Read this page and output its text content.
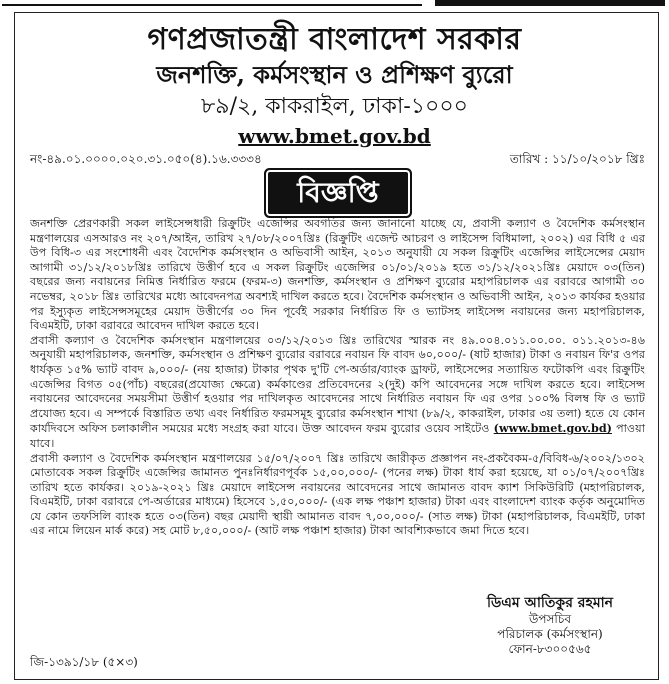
গণপ্রজাতন্ত্রী বাংলাদেশ সরকার
জনশক্তি, কর্মসংস্থান ও প্রশিক্ষণ ব্যুরো
৮৯/২, কাকরাইল, ঢাকা-১০০০
www.bmet.gov.bd
নং-৪৯.০১.০০০০.০২০.৩১.০৫০(৪).১৬.৩৩৩৪	তারিখ : ১১/১০/২০১৮ খ্রিঃ
বিজ্ঞপ্তি

জনশক্তি প্রেরণকারী সকল লাইসেন্সধারী রিক্রুটিং এজেন্সির অবগতির জন্য জানানো যাচ্ছে যে, প্রবাসী কল্যাণ ও বৈদেশিক কর্মসংস্থান মন্ত্রণালয়ের এসআরও নং ২০৭/আইন, তারিখ ২৭/০৮/২০০৭খ্রিঃ (রিক্রুটিং এজেন্ট আচরণ ও লাইসেন্স বিধিমালা, ২০০২) এর বিধি ৫ এর উপ বিধি-৩ এর সংশোধনী এবং বৈদেশিক কর্মসংস্থান ও অভিবাসী আইন, ২০১৩ অনুযায়ী যে সকল রিক্রুটিং এজেন্সির লাইসেন্সের মেয়াদ আগামী ৩১/১২/২০১৮খ্রিঃ তারিখে উত্তীর্ণ হবে এ সকল রিক্রুটিং এজেন্সির ০১/০১/২০১৯ হতে ৩১/১২/২০২১খ্রিঃ মেয়াদে ০৩(তিন) বছরের জন্য নবায়নের নিমিত্ত নির্ধারিত ফরমে (ফরম-৩) জনশক্তি, কর্মসংস্থান ও প্রশিক্ষণ ব্যুরোর মহাপরিচালক এর বরাবরে আগামী ৩০ নভেম্বর, ২০১৮ খ্রিঃ তারিখের মধ্যে আবেদনপত্র অবশ্যই দাখিল করতে হবে। বৈদেশিক কর্মসংস্থান ও অভিবাসী আইন, ২০১৩ কার্যকর হওয়ার পর ইস্যুকৃত লাইসেন্সসমূহের মেয়াদ উত্তীর্ণের ৩০ দিন পূর্বেই সরকার নির্ধারিত ফি ও ভ্যাটসহ লাইসেন্স নবায়নের জন্য মহাপরিচালক, বিএমইটি, ঢাকা বরাবরে আবেদন দাখিল করতে হবে।

প্রবাসী কল্যাণ ও বৈদেশিক কর্মসংস্থান মন্ত্রণালয়ের ০৩/১২/২০১৩ খ্রিঃ তারিখের স্মারক নং ৪৯.০০৪.০১১.০০.০০. ০১১.২০১৩-৪৬ অনুযায়ী মহাপরিচালক, জনশক্তি, কর্মসংস্থান ও প্রশিক্ষণ ব্যুরোর বরাবরে নবায়ন ফি বাবদ ৬০,০০০/- (ষাট হাজার) টাকা ও নবায়ন ফি'র ওপর ধার্যকৃত ১৫% ভ্যাট বাবদ ৯,০০০/- (নয় হাজার) টাকার পৃথক দু'টি পে-অর্ডার/ব্যাংক ড্রাফট, লাইসেন্সের সত্যায়িত ফটোকপি এবং রিক্রুটিং এজেন্সির বিগত ০৫(পাঁচ) বছরের(প্রযোজ্য ক্ষেত্রে) কর্মকাণ্ডের প্রতিবেদনের ২(দুই) কপি আবেদনের সঙ্গে দাখিল করতে হবে। লাইসেন্স নবায়নের আবেদনের সময়সীমা উত্তীর্ণ হওয়ার পর দাখিলকৃত আবেদনের সাথে নির্ধারিত নবায়ন ফি এর ওপর ১০০% বিলম্ব ফি ও ভ্যাট প্রযোজ্য হবে। এ সম্পর্কে বিস্তারিত তথ্য এবং নির্ধারিত ফরমসমূহ ব্যুরোর কর্মসংস্থান শাখা (৮৯/২, কাকরাইল, ঢাকার ৩য় তলা) হতে যে কোন কার্যদিবসে অফিস চলাকালীন সময়ের মধ্যে সংগ্রহ করা যাবে। উক্ত আবেদন ফরম ব্যুরোর ওয়েব সাইটেও (www.bmet.gov.bd) পাওয়া যাবে।

প্রবাসী কল্যাণ ও বৈদেশিক কর্মসংস্থান মন্ত্রণালয়ের ১৫/০৭/২০০৭ খ্রিঃ তারিখে জারীকৃত প্রজ্ঞাপন নং-প্রকবৈকম-৫/বিবিধ-৬/২০০২/১৩০২ মোতাবেক সকল রিক্রুটিং এজেন্সির জামানত পুনঃনির্ধারণপূর্বক ১৫,০০,০০০/- (পনের লক্ষ) টাকা ধার্য করা হয়েছে, যা ০১/০৭/২০০৭খ্রিঃ তারিখ হতে কার্যকর। ২০১৯-২০২১ খ্রিঃ মেয়াদে লাইসেন্স নবায়নের আবেদনের সাথে জামানত বাবদ ক্যাশ সিকিউরিটি (মহাপরিচালক, বিএমইটি, ঢাকা বরাবরে পে-অর্ডারের মাধ্যমে) হিসেবে ১,৫০,০০০/- (এক লক্ষ পঞ্চাশ হাজার) টাকা এবং বাংলাদেশ ব্যাংক কর্তৃক অনুমোদিত যে কোন তফসিলি ব্যাংক হতে ০৩(তিন) বছর মেয়াদী স্থায়ী আমানত বাবদ ৭,০০,০০০/- (সাত লক্ষ) টাকা (মহাপরিচালক, বিএমইটি, ঢাকা এর নামে লিয়েন মার্ক করে) সহ মোট ৮,৫০,০০০/- (আট লক্ষ পঞ্চাশ হাজার) টাকা আবশ্যিকভাবে জমা দিতে হবে।

ডিএম আতিকুর রহমান
উপসচিব
পরিচালক (কর্মসংস্থান)
ফোন-৮৩০০৫৬৫
জি-১৩৯১/১৮ (৫×৩)
